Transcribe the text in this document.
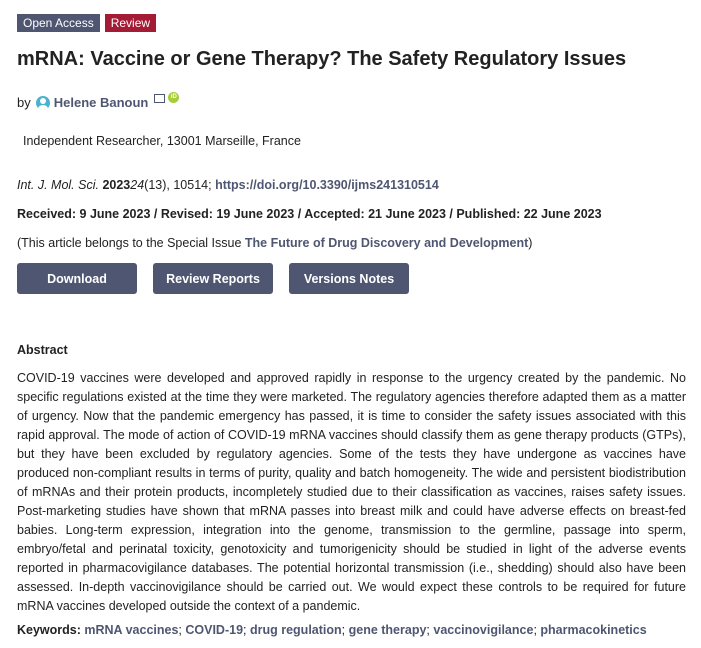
Open Access	Review
mRNA: Vaccine or Gene Therapy? The Safety Regulatory Issues
by Helene Banoun	iD
Independent Researcher, 13001 Marseille, France
Int. J. Mol. Sci. 202324(13), 10514; https://doi.org/10.3390/ijms241310514
Received: 9 June 2023 / Revised: 19 June 2023 / Accepted: 21 June 2023 / Published: 22 June 2023
(This article belongs to the Special Issue The Future of Drug Discovery and Development)
Download	Review Reports	Versions Notes
Abstract

COVID-19 vaccines were developed and approved rapidly in response to the urgency created by the pandemic. No specific regulations existed at the time they were marketed. The regulatory agencies therefore adapted them as a matter of urgency. Now that the pandemic emergency has passed, it is time to consider the safety issues associated with this rapid approval. The mode of action of COVID-19 mRNA vaccines should classify them as gene therapy products (GTPs), but they have been excluded by regulatory agencies. Some of the tests they have undergone as vaccines have produced non-compliant results in terms of purity, quality and batch homogeneity. The wide and persistent biodistribution of mRNAs and their protein products, incompletely studied due to their classification as vaccines, raises safety issues. Post-marketing studies have shown that mRNA passes into breast milk and could have adverse effects on breast-fed babies. Long-term expression, integration into the genome, transmission to the germline, passage into sperm, embryo/fetal and perinatal toxicity, genotoxicity and tumorigenicity should be studied in light of the adverse events reported in pharmacovigilance databases. The potential horizontal transmission (i.e., shedding) should also have been assessed. In-depth vaccinovigilance should be carried out. We would expect these controls to be required for future mRNA vaccines developed outside the context of a pandemic.

Keywords: mRNA vaccines; COVID-19; drug regulation; gene therapy; vaccinovigilance; pharmacokinetics
